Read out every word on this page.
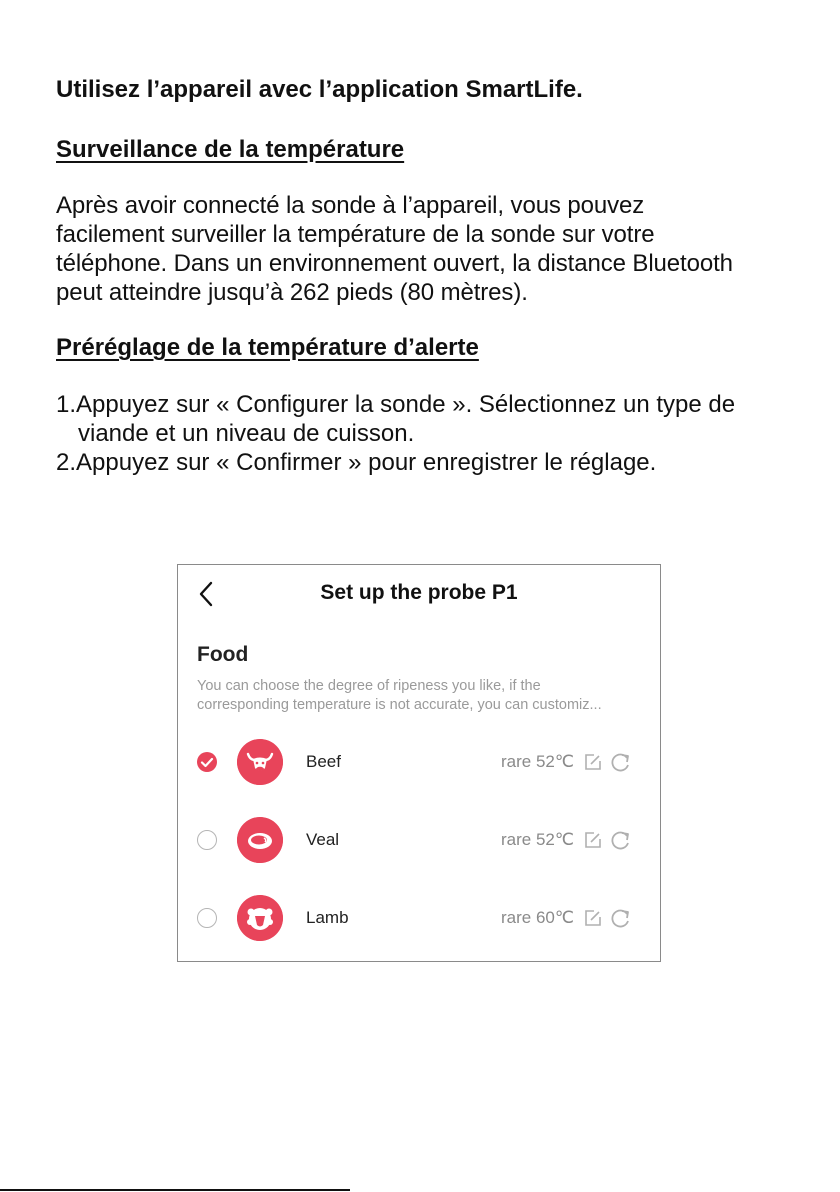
Utilisez l’appareil avec l’application SmartLife.
Surveillance de la température

Après avoir connecté la sonde à l’appareil, vous pouvez
facilement surveiller la température de la sonde sur votre
téléphone. Dans un environnement ouvert, la distance Bluetooth
peut atteindre jusqu’à 262 pieds (80 mètres).

Préréglage de la température d’alerte

1.Appuyez sur « Configurer la sonde ». Sélectionnez un type de
viande et un niveau de cuisson.

2.Appuyez sur « Confirmer » pour enregistrer le réglage.

Set up the probe P1
Food
You can choose the degree of ripeness you like, if the
corresponding temperature is not accurate, you can customiz...
Beef	rare 52℃
Veal	rare 52℃
Lamb	rare 60℃
